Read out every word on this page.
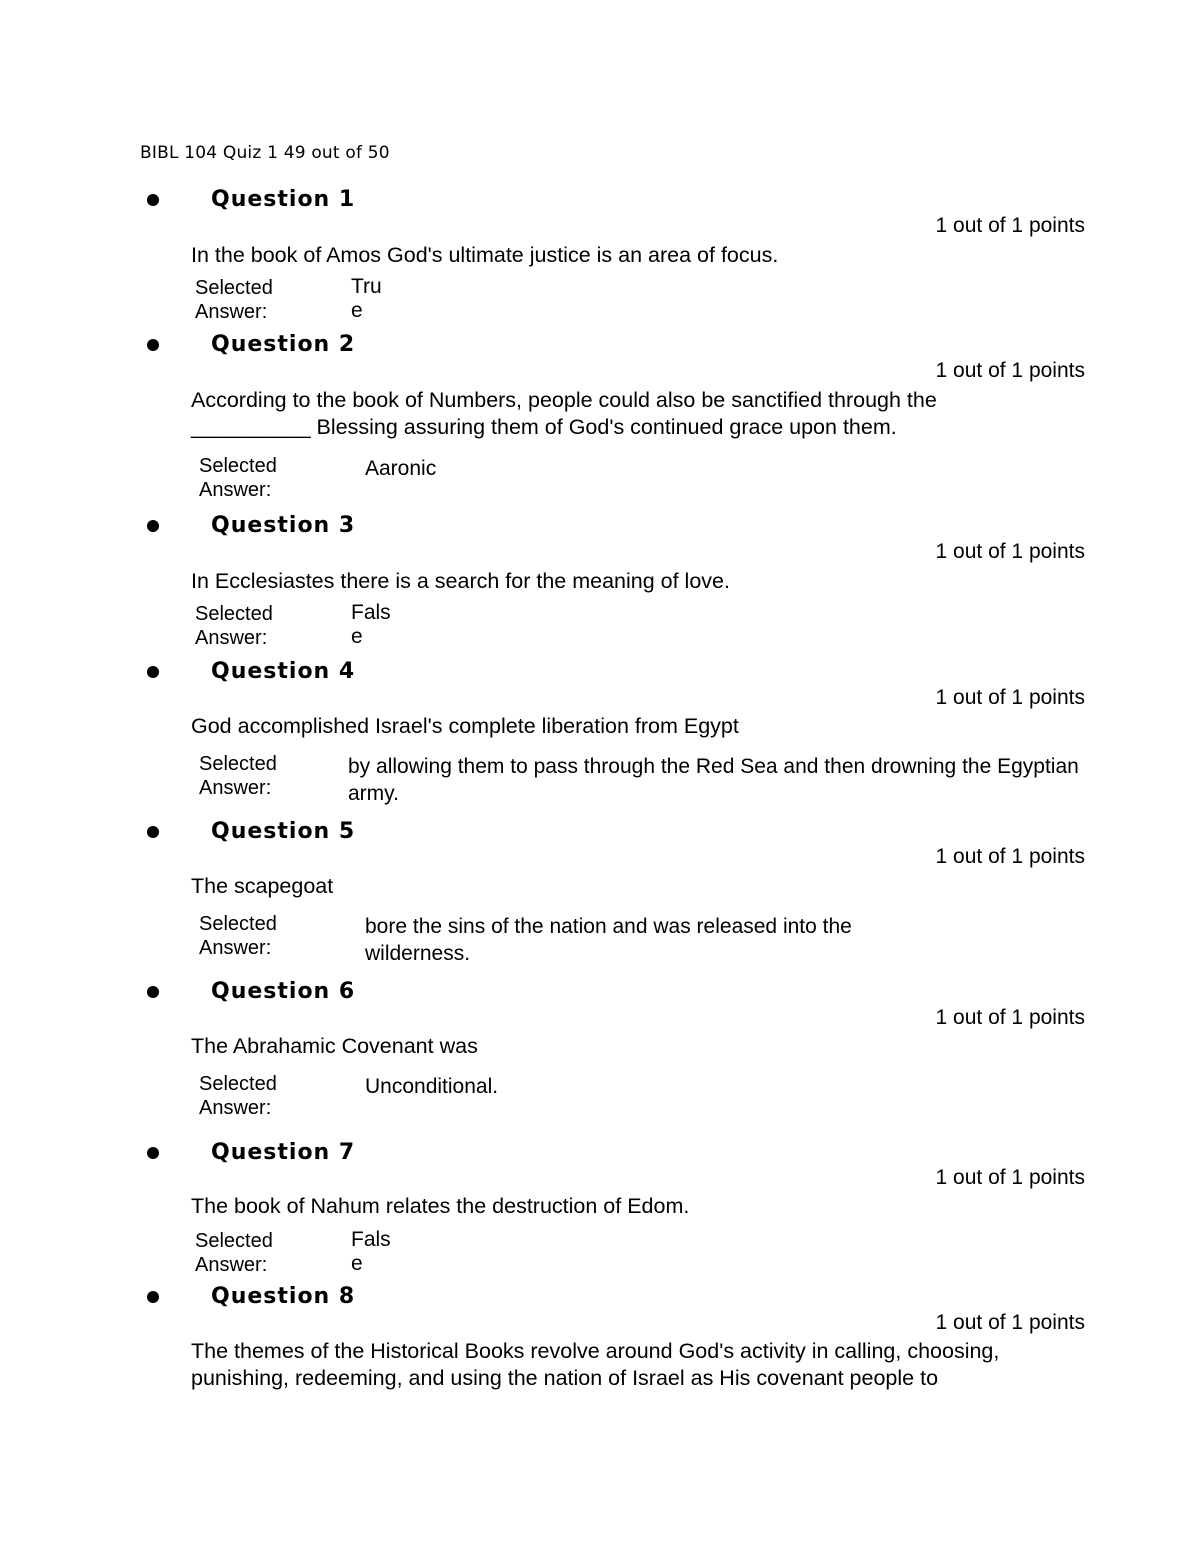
BIBL 104 Quiz 1 49 out of 50
Question 1
1 out of 1 points
In the book of Amos God's ultimate justice is an area of focus.
Selected Answer:
True
Question 2
1 out of 1 points
According to the book of Numbers, people could also be sanctified through the __________ Blessing assuring them of God's continued grace upon them.
Selected Answer:
Aaronic
Question 3
1 out of 1 points
In Ecclesiastes there is a search for the meaning of love.
Selected Answer:
False
Question 4
1 out of 1 points
God accomplished Israel's complete liberation from Egypt
Selected Answer:
by allowing them to pass through the Red Sea and then drowning the Egyptian army.
Question 5
1 out of 1 points
The scapegoat
Selected Answer:
bore the sins of the nation and was released into the wilderness.
Question 6
1 out of 1 points
The Abrahamic Covenant was
Selected Answer:
Unconditional.
Question 7
1 out of 1 points
The book of Nahum relates the destruction of Edom.
Selected Answer:
False
Question 8
1 out of 1 points
The themes of the Historical Books revolve around God's activity in calling, choosing, punishing, redeeming, and using the nation of Israel as His covenant people to
